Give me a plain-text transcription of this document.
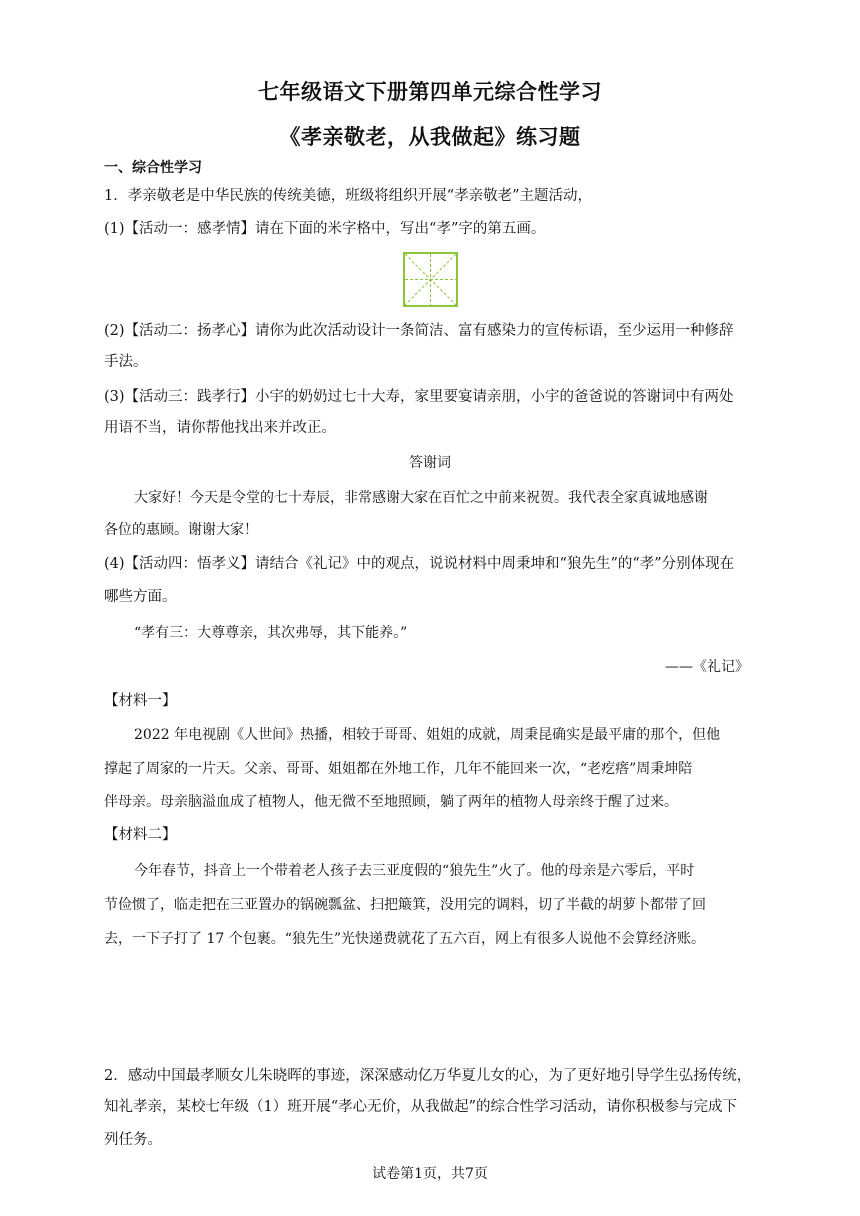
七年级语文下册第四单元综合性学习
《孝亲敬老，从我做起》练习题
一、综合性学习
1．孝亲敬老是中华民族的传统美德，班级将组织开展“孝亲敬老”主题活动，
(1)【活动一：感孝情】请在下面的米字格中，写出“孝”字的第五画。
(2)【活动二：扬孝心】请你为此次活动设计一条简洁、富有感染力的宣传标语，至少运用一种修辞
手法。
(3)【活动三：践孝行】小宇的奶奶过七十大寿，家里要宴请亲朋，小宇的爸爸说的答谢词中有两处
用语不当，请你帮他找出来并改正。
答谢词
大家好！今天是令堂的七十寿辰，非常感谢大家在百忙之中前来祝贺。我代表全家真诚地感谢
各位的惠顾。谢谢大家！
(4)【活动四：悟孝义】请结合《礼记》中的观点，说说材料中周秉坤和“狼先生”的“孝”分别体现在
哪些方面。
“孝有三：大尊尊亲，其次弗辱，其下能养。”
——《礼记》
【材料一】
2022 年电视剧《人世间》热播，相较于哥哥、姐姐的成就，周秉昆确实是最平庸的那个，但他
撑起了周家的一片天。父亲、哥哥、姐姐都在外地工作，几年不能回来一次，“老疙瘩”周秉坤陪
伴母亲。母亲脑溢血成了植物人，他无微不至地照顾，躺了两年的植物人母亲终于醒了过来。
【材料二】
今年春节，抖音上一个带着老人孩子去三亚度假的“狼先生”火了。他的母亲是六零后，平时
节俭惯了，临走把在三亚置办的锅碗瓢盆、扫把簸箕，没用完的调料，切了半截的胡萝卜都带了回
去，一下子打了 17 个包裹。“狼先生”光快递费就花了五六百，网上有很多人说他不会算经济账。
2．感动中国最孝顺女儿朱晓晖的事迹，深深感动亿万华夏儿女的心，为了更好地引导学生弘扬传统，
知礼孝亲，某校七年级（1）班开展“孝心无价，从我做起”的综合性学习活动，请你积极参与完成下
列任务。
试卷第1页，共7页
